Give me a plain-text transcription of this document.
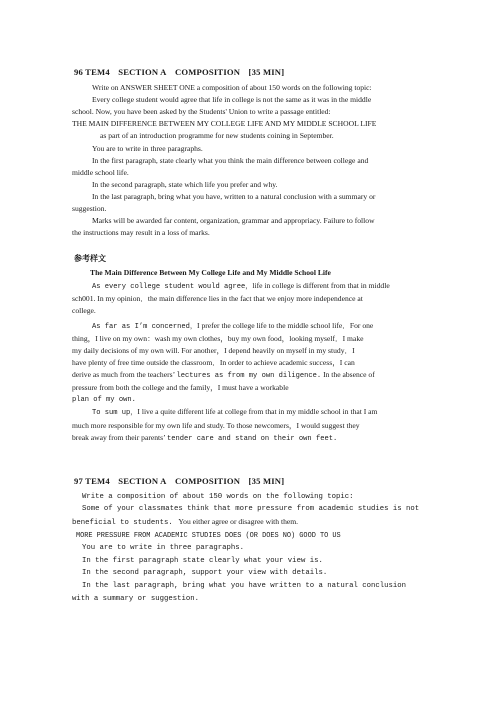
96 TEM4 SECTION A COMPOSITION [35 MIN]

Write on ANSWER SHEET ONE a composition of about 150 words on the following topic:

Every college student would agree that life in college is not the same as it was in the middle

school. Now, you have been asked by the Students' Union to write a passage entitled:

THE MAIN DIFFERENCE BETWEEN MY COLLEGE LIFE AND MY MIDDLE SCHOOL LIFE

as part of an introduction programme for new students coining in September.

You are to write in three paragraphs.

In the first paragraph, state clearly what you think the main difference between college and

middle school life.

In the second paragraph, state which life you prefer and why.

In the last paragraph, bring what you have, written to a natural conclusion with a summary or

suggestion.

Marks will be awarded far content, organization, grammar and appropriacy. Failure to follow

the instructions may result in a loss of marks.

参考样文

The Main Difference Between My College Life and My Middle School Life

As every college student would agree，life in college is different from that in middle

sch001. In my opinion．the main difference lies in the fact that we enjoy more independence at

college.

As far as I’m concerned，I prefer the college life to the middle school life．For one

thing，I live on my own：wash my own clothes，buy my own food，looking myself．I make

my daily decisions of my own will. For another，I depend heavily on myself in my study．I

have plenty of free time outside the classroom．In order to achieve academic success，I can

derive as much from the teachers’ lectures as from my own diligence. In the absence of

pressure from both the college and the family，I must have a workable

plan of my own.

To sum up，I live a quite different life at college from that in my middle school in that I am

much more responsible for my own life and study. To those newcomers，I would suggest they

break away from their parents’ tender care and stand on their own feet.

97 TEM4 SECTION A COMPOSITION [35 MIN]

Write a composition of about 150 words on the following topic:

Some of your classmates think that more pressure from academic studies is not

beneficial to students. You either agree or disagree with them.

MORE PRESSURE FROM ACADEMIC STUDIES DOES (OR DOES NO) GOOD TO US

You are to write in three paragraphs.

In the first paragraph state clearly what your view is.

In the second paragraph, support your view with details.

In the last paragraph, bring what you have written to a natural conclusion

with a summary or suggestion.
